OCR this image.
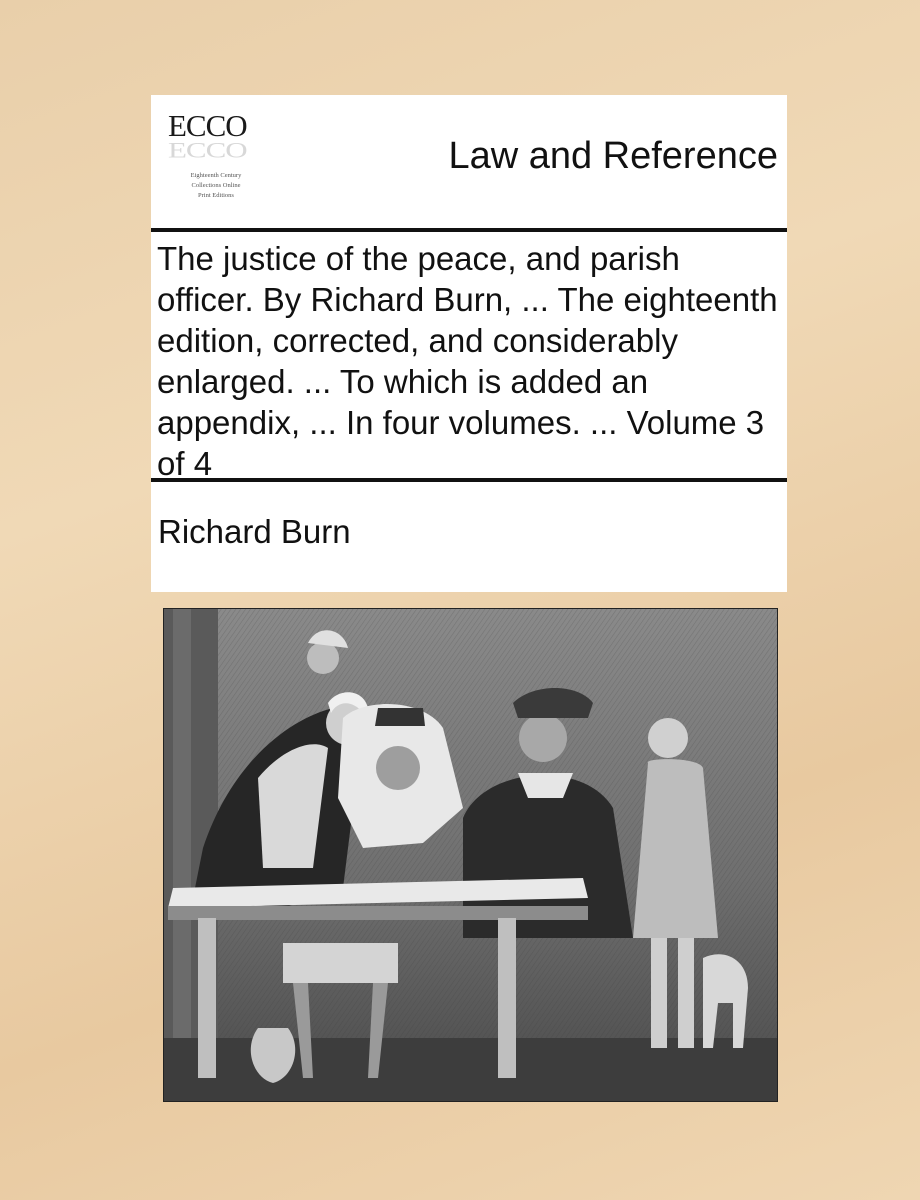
ECCO
ECCO
Eighteenth Century
Collections Online
Print Editions
Law and Reference
The justice of the peace, and parish officer. By Richard Burn, ... The eighteenth edition, corrected, and considerably enlarged. ... To which is added an appendix, ... In four volumes. ... Volume 3 of 4
Richard Burn
